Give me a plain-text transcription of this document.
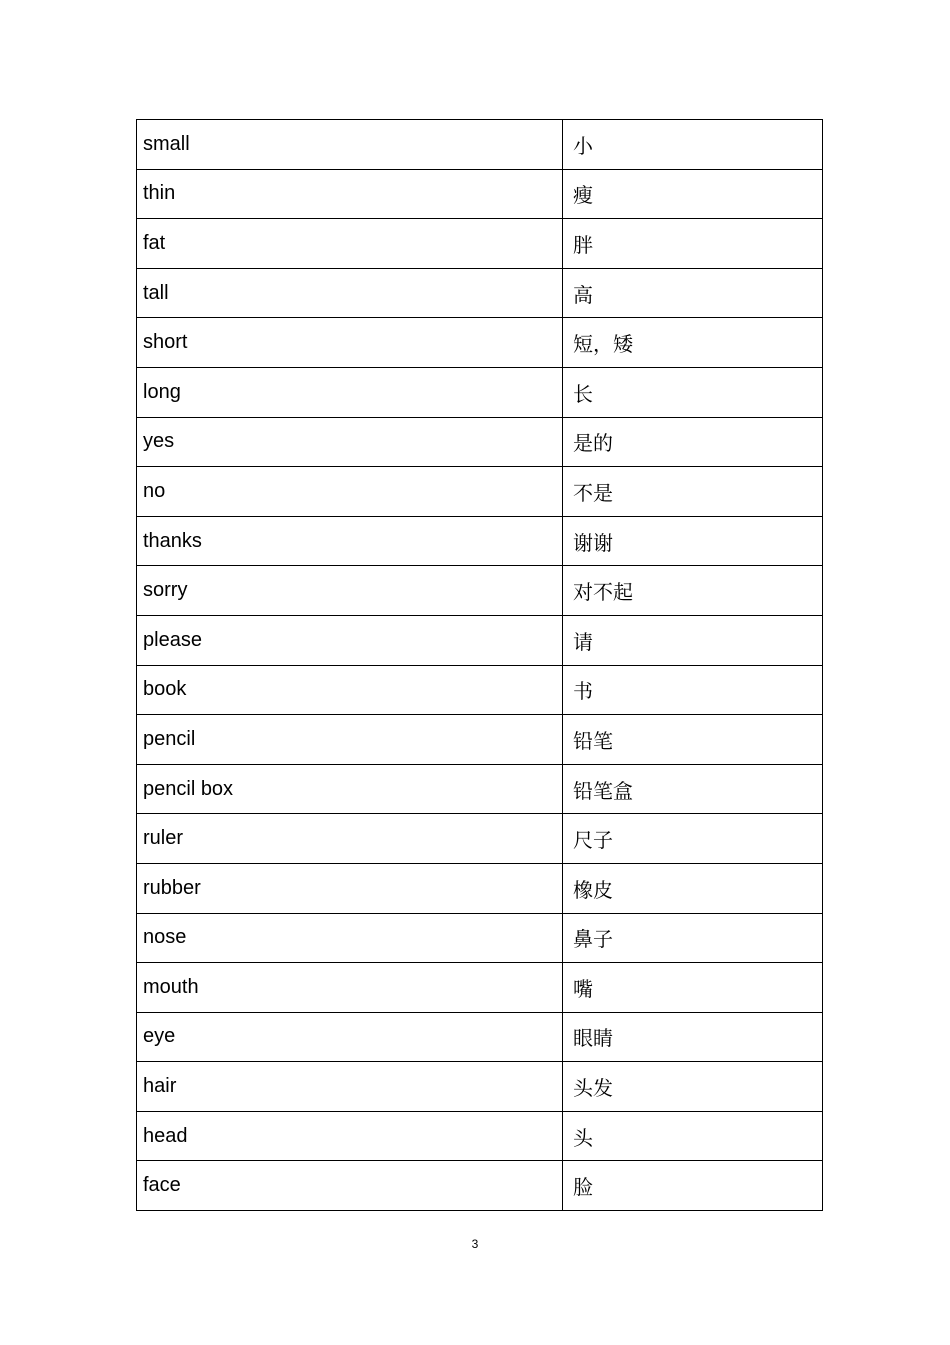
small	小
thin	瘦
fat	胖
tall	高
short	短，矮
long	长
yes	是的
no	不是
thanks	谢谢
sorry	对不起
please	请
book	书
pencil	铅笔
pencil box	铅笔盒
ruler	尺子
rubber	橡皮
nose	鼻子
mouth	嘴
eye	眼睛
hair	头发
head	头
face	脸
3
